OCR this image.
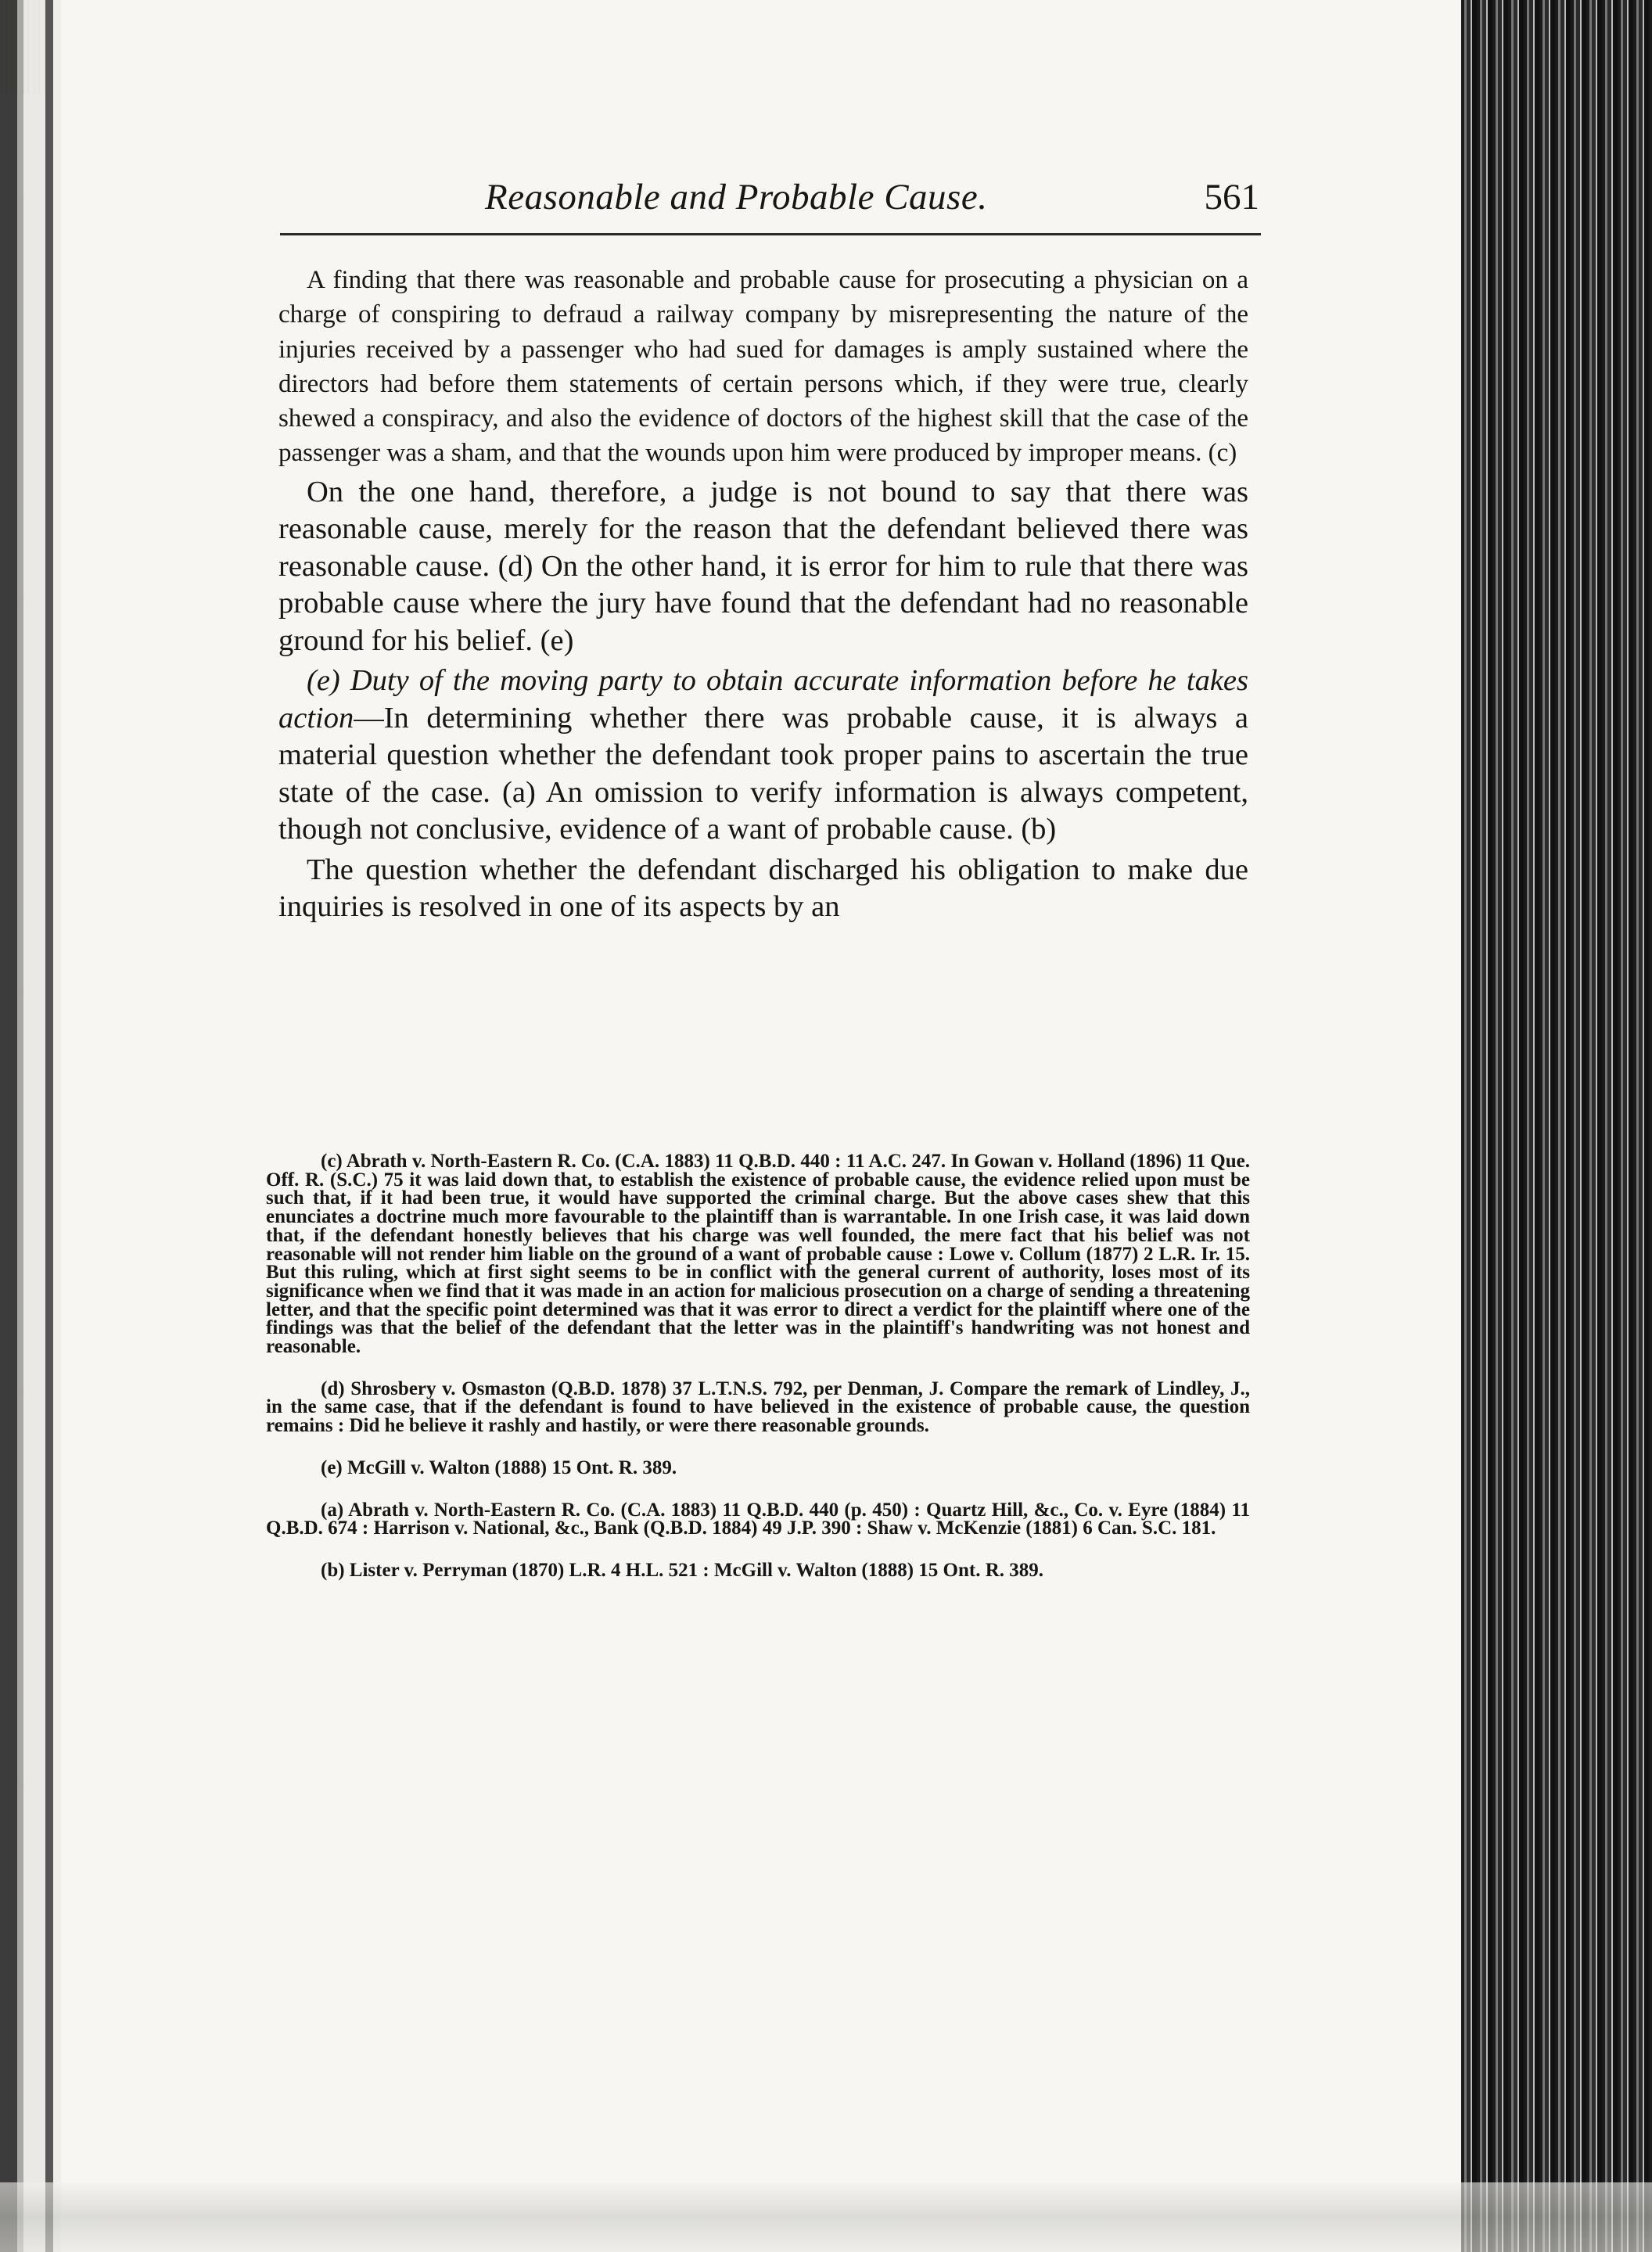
Reasonable and Probable Cause.	561

A finding that there was reasonable and probable cause for prosecuting a physician on a charge of conspiring to defraud a railway company by misrepresenting the nature of the injuries received by a passenger who had sued for damages is amply sustained where the directors had before them statements of certain persons which, if they were true, clearly shewed a conspiracy, and also the evidence of doctors of the highest skill that the case of the passenger was a sham, and that the wounds upon him were produced by improper means. (c)

On the one hand, therefore, a judge is not bound to say that there was reasonable cause, merely for the reason that the defendant believed there was reasonable cause. (d) On the other hand, it is error for him to rule that there was probable cause where the jury have found that the defendant had no reasonable ground for his belief. (e)

(e) Duty of the moving party to obtain accurate information before he takes action—In determining whether there was probable cause, it is always a material question whether the defendant took proper pains to ascertain the true state of the case. (a) An omission to verify information is always competent, though not conclusive, evidence of a want of probable cause. (b)

The question whether the defendant discharged his obligation to make due inquiries is resolved in one of its aspects by an

(c) Abrath v. North-Eastern R. Co. (C.A. 1883) 11 Q.B.D. 440 : 11 A.C. 247. In Gowan v. Holland (1896) 11 Que. Off. R. (S.C.) 75 it was laid down that, to establish the existence of probable cause, the evidence relied upon must be such that, if it had been true, it would have supported the criminal charge. But the above cases shew that this enunciates a doctrine much more favourable to the plaintiff than is warrantable. In one Irish case, it was laid down that, if the defendant honestly believes that his charge was well founded, the mere fact that his belief was not reasonable will not render him liable on the ground of a want of probable cause : Lowe v. Collum (1877) 2 L.R. Ir. 15. But this ruling, which at first sight seems to be in conflict with the general current of authority, loses most of its significance when we find that it was made in an action for malicious prosecution on a charge of sending a threatening letter, and that the specific point determined was that it was error to direct a verdict for the plaintiff where one of the findings was that the belief of the defendant that the letter was in the plaintiff's handwriting was not honest and reasonable.

(d) Shrosbery v. Osmaston (Q.B.D. 1878) 37 L.T.N.S. 792, per Denman, J. Compare the remark of Lindley, J., in the same case, that if the defendant is found to have believed in the existence of probable cause, the question remains : Did he believe it rashly and hastily, or were there reasonable grounds.

(e) McGill v. Walton (1888) 15 Ont. R. 389.

(a) Abrath v. North-Eastern R. Co. (C.A. 1883) 11 Q.B.D. 440 (p. 450) : Quartz Hill, &c., Co. v. Eyre (1884) 11 Q.B.D. 674 : Harrison v. National, &c., Bank (Q.B.D. 1884) 49 J.P. 390 : Shaw v. McKenzie (1881) 6 Can. S.C. 181.

(b) Lister v. Perryman (1870) L.R. 4 H.L. 521 : McGill v. Walton (1888) 15 Ont. R. 389.
